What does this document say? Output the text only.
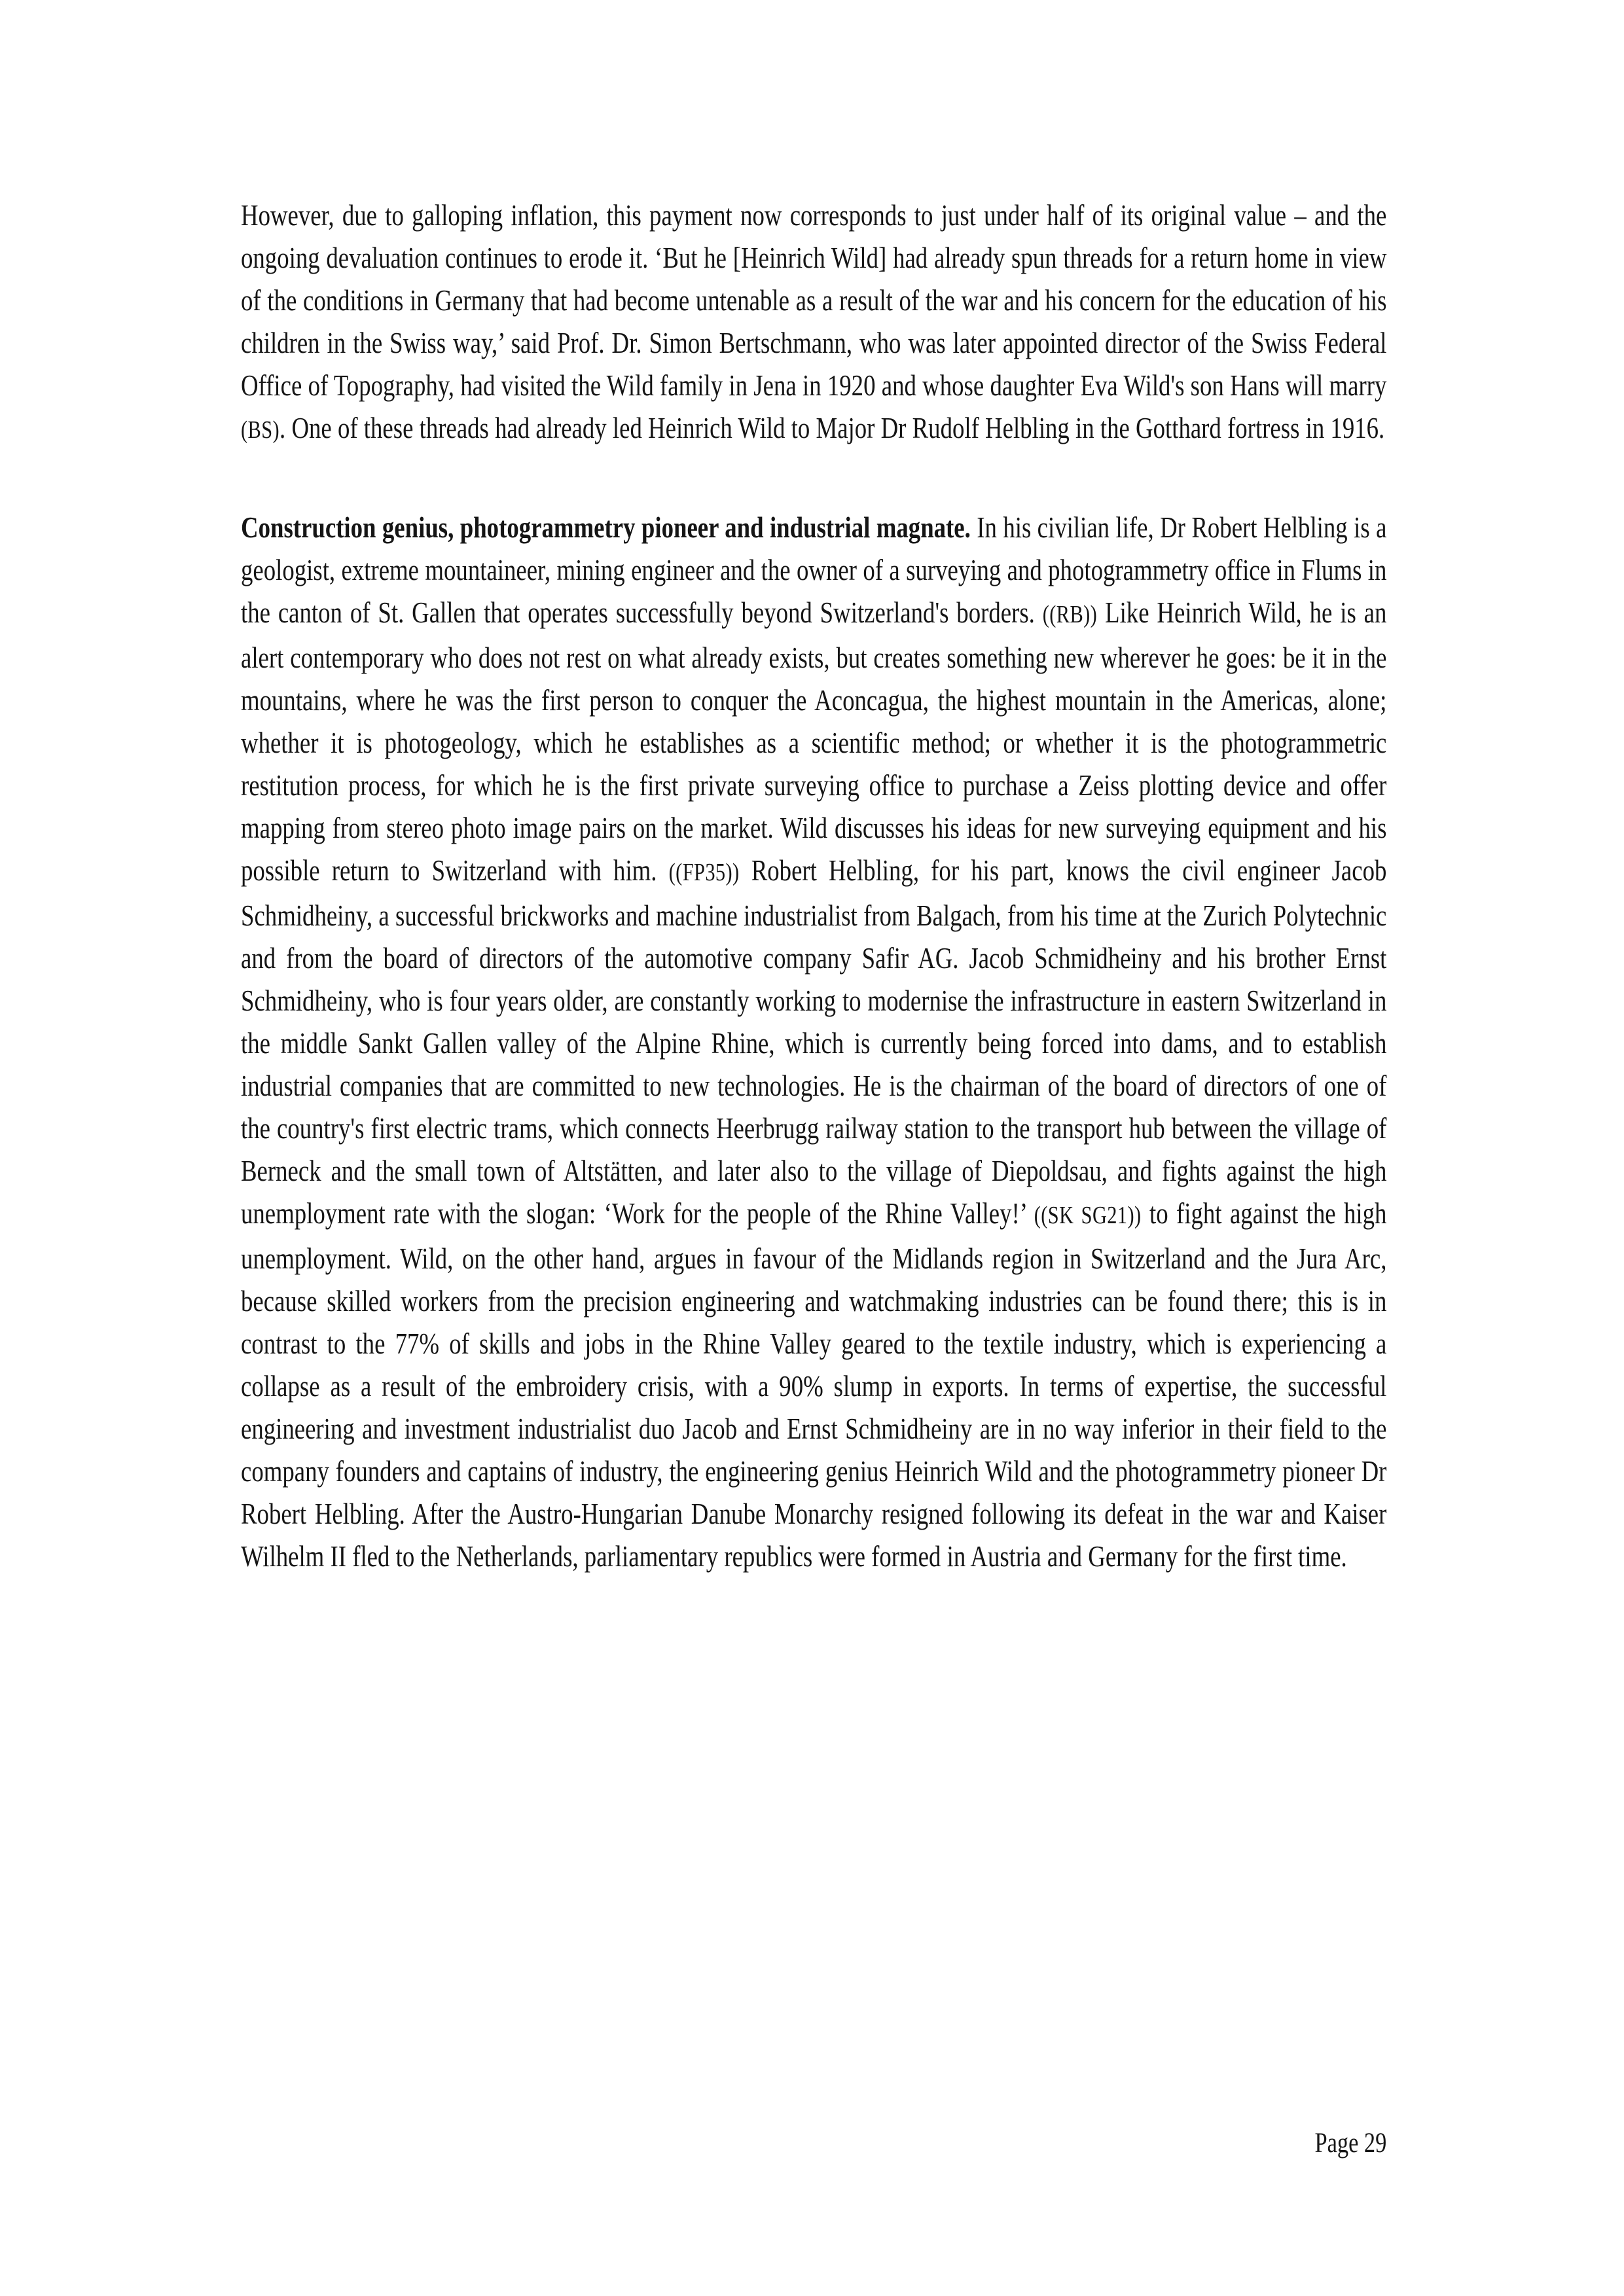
However, due to galloping inflation, this payment now corresponds to just under half of its original value – and the ongoing devaluation continues to erode it. ‘But he [Heinrich Wild] had already spun threads for a return home in view of the conditions in Germany that had become untenable as a result of the war and his concern for the education of his children in the Swiss way,’ said Prof. Dr. Simon Bertschmann, who was later appointed director of the Swiss Federal Office of Topography, had visited the Wild family in Jena in 1920 and whose daughter Eva Wild's son Hans will marry (BS). One of these threads had already led Heinrich Wild to Major Dr Rudolf Helbling in the Gotthard fortress in 1916.

Construction genius, photogrammetry pioneer and industrial magnate. In his civilian life, Dr Robert Helbling is a geologist, extreme mountaineer, mining engineer and the owner of a surveying and photogrammetry office in Flums in the canton of St. Gallen that operates successfully beyond Switzerland's borders. ((RB)) Like Heinrich Wild, he is an alert contemporary who does not rest on what already exists, but creates something new wherever he goes: be it in the mountains, where he was the first person to conquer the Aconcagua, the highest mountain in the Americas, alone; whether it is photogeology, which he establishes as a scientific method; or whether it is the photogrammetric restitution process, for which he is the first private surveying office to purchase a Zeiss plotting device and offer mapping from stereo photo image pairs on the market. Wild discusses his ideas for new surveying equipment and his possible return to Switzerland with him. ((FP35)) Robert Helbling, for his part, knows the civil engineer Jacob Schmidheiny, a successful brickworks and machine industrialist from Balgach, from his time at the Zurich Polytechnic and from the board of directors of the automotive company Safir AG. Jacob Schmidheiny and his brother Ernst Schmidheiny, who is four years older, are constantly working to modernise the infrastructure in eastern Switzerland in the middle Sankt Gallen valley of the Alpine Rhine, which is currently being forced into dams, and to establish industrial companies that are committed to new technologies. He is the chairman of the board of directors of one of the country's first electric trams, which connects Heerbrugg railway station to the transport hub between the village of Berneck and the small town of Altstätten, and later also to the village of Diepoldsau, and fights against the high unemployment rate with the slogan: ‘Work for the people of the Rhine Valley!’ ((SK SG21)) to fight against the high unemployment. Wild, on the other hand, argues in favour of the Midlands region in Switzerland and the Jura Arc, because skilled workers from the precision engineering and watchmaking industries can be found there; this is in contrast to the 77% of skills and jobs in the Rhine Valley geared to the textile industry, which is experiencing a collapse as a result of the embroidery crisis, with a 90% slump in exports. In terms of expertise, the successful engineering and investment industrialist duo Jacob and Ernst Schmidheiny are in no way inferior in their field to the company founders and captains of industry, the engineering genius Heinrich Wild and the photogrammetry pioneer Dr Robert Helbling. After the Austro-Hungarian Danube Monarchy resigned following its defeat in the war and Kaiser Wilhelm II fled to the Netherlands, parliamentary republics were formed in Austria and Germany for the first time.

Page 29
